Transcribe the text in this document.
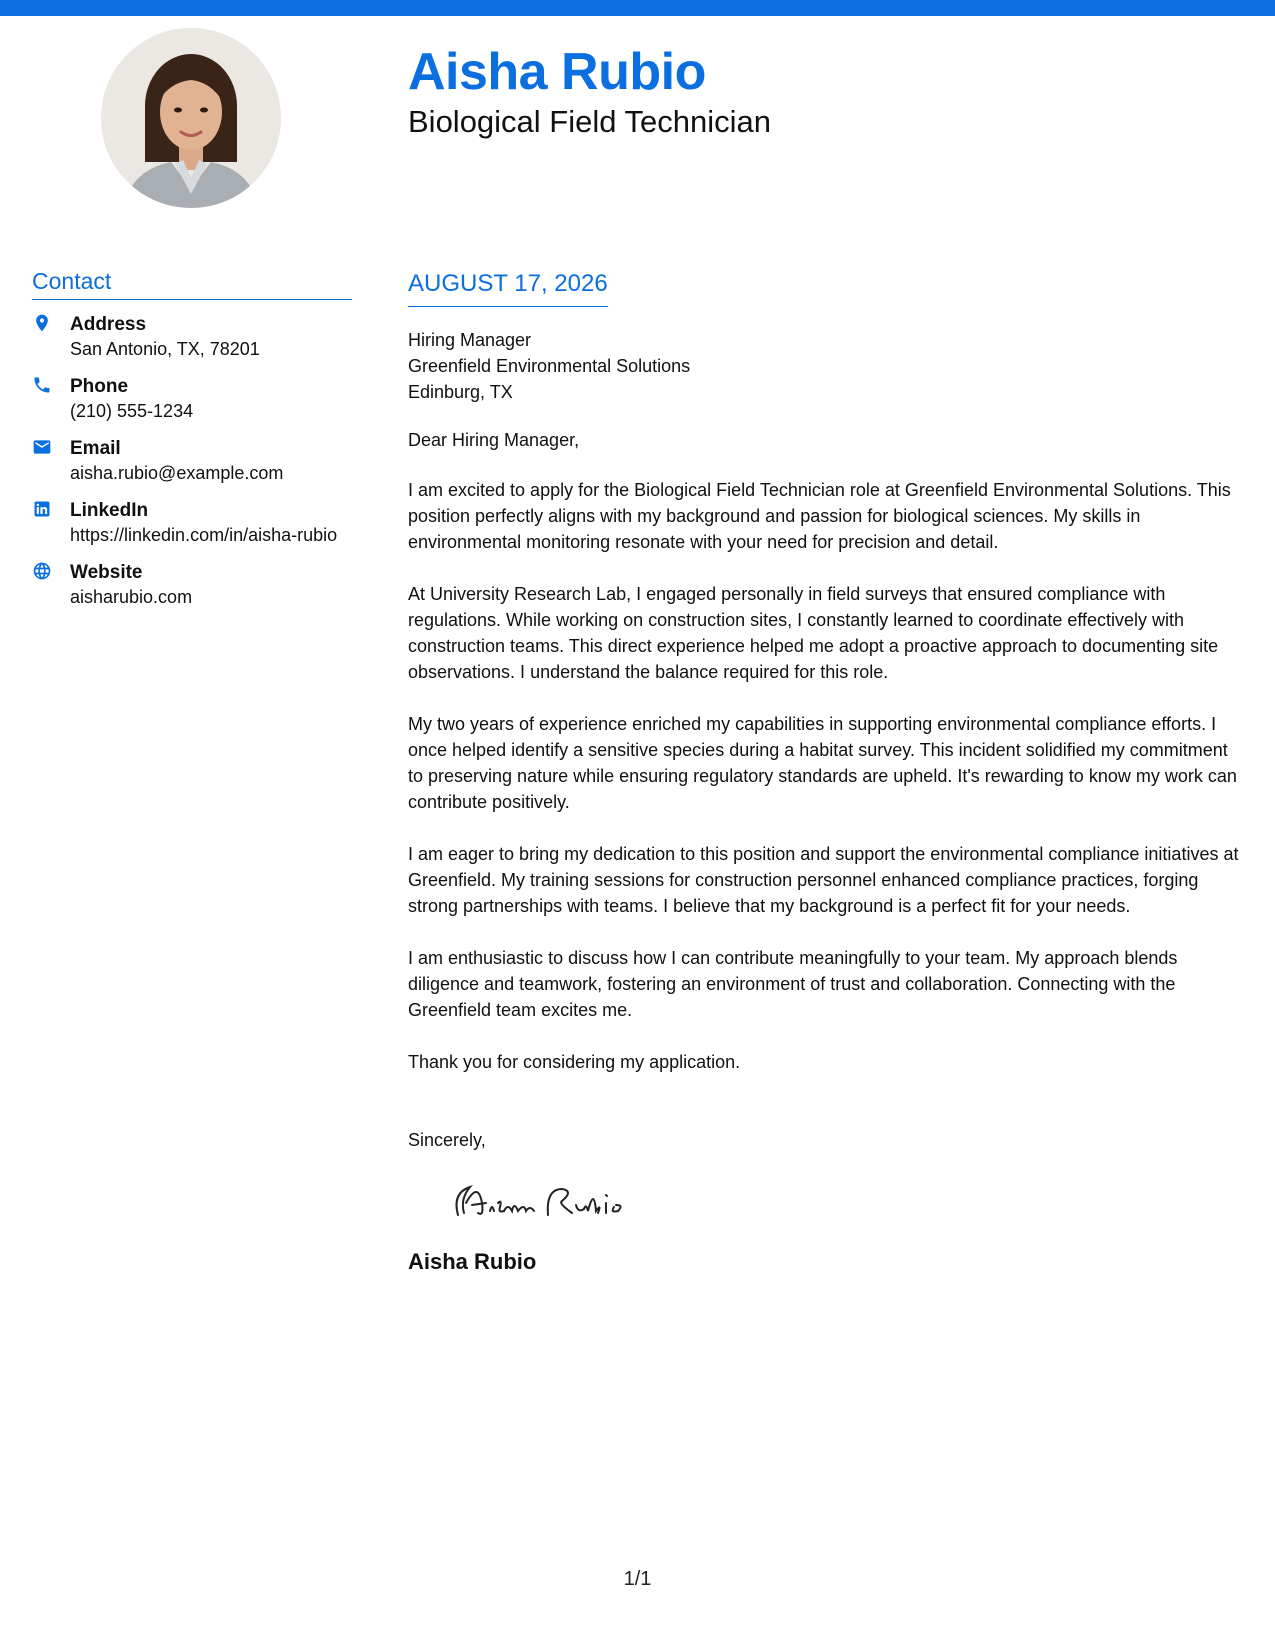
Aisha Rubio
Biological Field Technician
Contact
Address
San Antonio, TX, 78201
Phone
(210) 555-1234
Email
aisha.rubio@example.com
LinkedIn
https://linkedin.com/in/aisha-rubio
Website
aisharubio.com
AUGUST 17, 2026
Hiring Manager
Greenfield Environmental Solutions
Edinburg, TX
Dear Hiring Manager,

I am excited to apply for the Biological Field Technician role at Greenfield Environmental Solutions. This position perfectly aligns with my background and passion for biological sciences. My skills in environmental monitoring resonate with your need for precision and detail.

At University Research Lab, I engaged personally in field surveys that ensured compliance with regulations. While working on construction sites, I constantly learned to coordinate effectively with construction teams. This direct experience helped me adopt a proactive approach to documenting site observations. I understand the balance required for this role.

My two years of experience enriched my capabilities in supporting environmental compliance efforts. I once helped identify a sensitive species during a habitat survey. This incident solidified my commitment to preserving nature while ensuring regulatory standards are upheld. It's rewarding to know my work can contribute positively.

I am eager to bring my dedication to this position and support the environmental compliance initiatives at Greenfield. My training sessions for construction personnel enhanced compliance practices, forging strong partnerships with teams. I believe that my background is a perfect fit for your needs.

I am enthusiastic to discuss how I can contribute meaningfully to your team. My approach blends diligence and teamwork, fostering an environment of trust and collaboration. Connecting with the Greenfield team excites me.

Thank you for considering my application.

Sincerely,
Aisha Rubio
1/1
